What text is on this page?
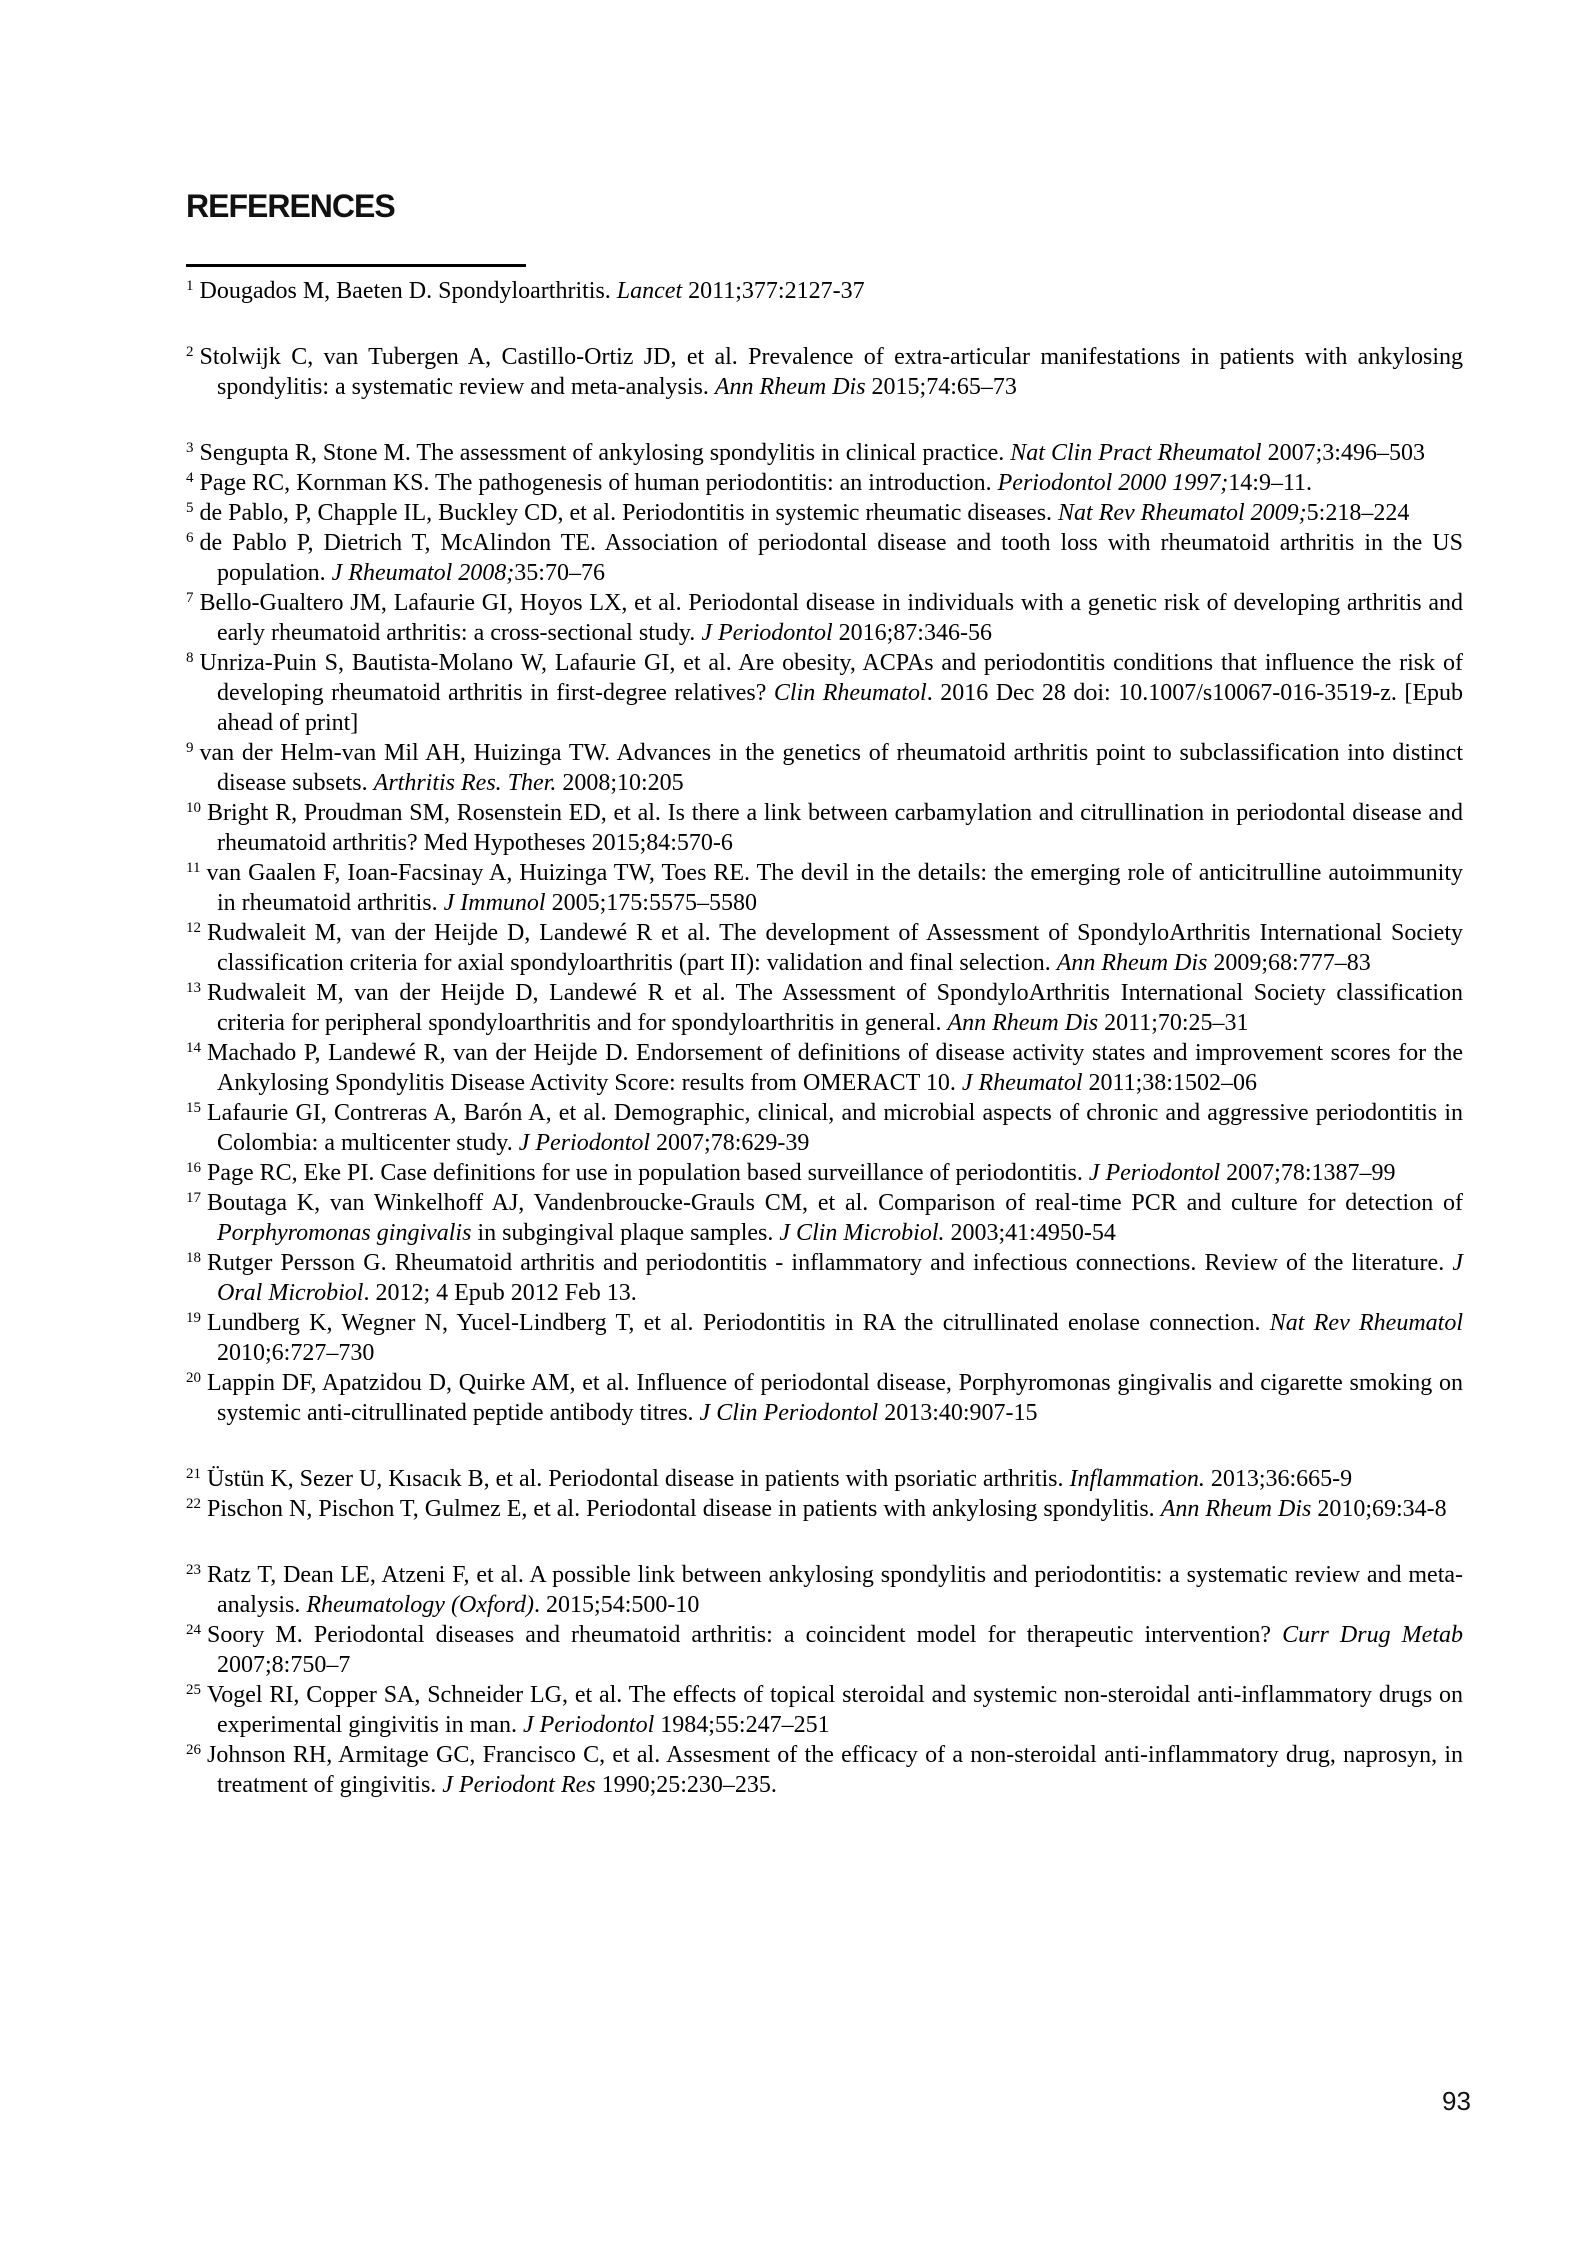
REFERENCES
1 Dougados M, Baeten D. Spondyloarthritis. Lancet 2011;377:2127-37
2 Stolwijk C, van Tubergen A, Castillo-Ortiz JD, et al. Prevalence of extra-articular manifestations in patients with ankylosing spondylitis: a systematic review and meta-analysis. Ann Rheum Dis 2015;74:65–73
3 Sengupta R, Stone M. The assessment of ankylosing spondylitis in clinical practice. Nat Clin Pract Rheumatol 2007;3:496–503
4 Page RC, Kornman KS. The pathogenesis of human periodontitis: an introduction. Periodontol 2000 1997;14:9–11.
5 de Pablo, P, Chapple IL, Buckley CD, et al. Periodontitis in systemic rheumatic diseases. Nat Rev Rheumatol 2009;5:218–224
6 de Pablo P, Dietrich T, McAlindon TE. Association of periodontal disease and tooth loss with rheumatoid arthritis in the US population. J Rheumatol 2008;35:70–76
7 Bello-Gualtero JM, Lafaurie GI, Hoyos LX, et al. Periodontal disease in individuals with a genetic risk of developing arthritis and early rheumatoid arthritis: a cross-sectional study. J Periodontol 2016;87:346-56
8 Unriza-Puin S, Bautista-Molano W, Lafaurie GI, et al. Are obesity, ACPAs and periodontitis conditions that influence the risk of developing rheumatoid arthritis in first-degree relatives? Clin Rheumatol. 2016 Dec 28 doi: 10.1007/s10067-016-3519-z. [Epub ahead of print]
9 van der Helm-van Mil AH, Huizinga TW. Advances in the genetics of rheumatoid arthritis point to subclassification into distinct disease subsets. Arthritis Res. Ther. 2008;10:205
10 Bright R, Proudman SM, Rosenstein ED, et al. Is there a link between carbamylation and citrullination in periodontal disease and rheumatoid arthritis? Med Hypotheses 2015;84:570-6
11 van Gaalen F, Ioan-Facsinay A, Huizinga TW, Toes RE. The devil in the details: the emerging role of anticitrulline autoimmunity in rheumatoid arthritis. J Immunol 2005;175:5575–5580
12 Rudwaleit M, van der Heijde D, Landewé R et al. The development of Assessment of SpondyloArthritis International Society classification criteria for axial spondyloarthritis (part II): validation and final selection. Ann Rheum Dis 2009;68:777–83
13 Rudwaleit M, van der Heijde D, Landewé R et al. The Assessment of SpondyloArthritis International Society classification criteria for peripheral spondyloarthritis and for spondyloarthritis in general. Ann Rheum Dis 2011;70:25–31
14 Machado P, Landewé R, van der Heijde D. Endorsement of definitions of disease activity states and improvement scores for the Ankylosing Spondylitis Disease Activity Score: results from OMERACT 10. J Rheumatol 2011;38:1502–06
15 Lafaurie GI, Contreras A, Barón A, et al. Demographic, clinical, and microbial aspects of chronic and aggressive periodontitis in Colombia: a multicenter study. J Periodontol 2007;78:629-39
16 Page RC, Eke PI. Case definitions for use in population based surveillance of periodontitis. J Periodontol 2007;78:1387–99
17 Boutaga K, van Winkelhoff AJ, Vandenbroucke-Grauls CM, et al. Comparison of real-time PCR and culture for detection of Porphyromonas gingivalis in subgingival plaque samples. J Clin Microbiol. 2003;41:4950-54
18 Rutger Persson G. Rheumatoid arthritis and periodontitis - inflammatory and infectious connections. Review of the literature. J Oral Microbiol. 2012; 4 Epub 2012 Feb 13.
19 Lundberg K, Wegner N, Yucel-Lindberg T, et al. Periodontitis in RA the citrullinated enolase connection. Nat Rev Rheumatol 2010;6:727–730
20 Lappin DF, Apatzidou D, Quirke AM, et al. Influence of periodontal disease, Porphyromonas gingivalis and cigarette smoking on systemic anti-citrullinated peptide antibody titres. J Clin Periodontol 2013:40:907-15
21 Üstün K, Sezer U, Kısacık B, et al. Periodontal disease in patients with psoriatic arthritis. Inflammation. 2013;36:665-9
22 Pischon N, Pischon T, Gulmez E, et al. Periodontal disease in patients with ankylosing spondylitis. Ann Rheum Dis 2010;69:34-8
23 Ratz T, Dean LE, Atzeni F, et al. A possible link between ankylosing spondylitis and periodontitis: a systematic review and meta-analysis. Rheumatology (Oxford). 2015;54:500-10
24 Soory M. Periodontal diseases and rheumatoid arthritis: a coincident model for therapeutic intervention? Curr Drug Metab 2007;8:750–7
25 Vogel RI, Copper SA, Schneider LG, et al. The effects of topical steroidal and systemic non-steroidal anti-inflammatory drugs on experimental gingivitis in man. J Periodontol 1984;55:247–251
26 Johnson RH, Armitage GC, Francisco C, et al. Assesment of the efficacy of a non-steroidal anti-inflammatory drug, naprosyn, in treatment of gingivitis. J Periodont Res 1990;25:230–235.
93
